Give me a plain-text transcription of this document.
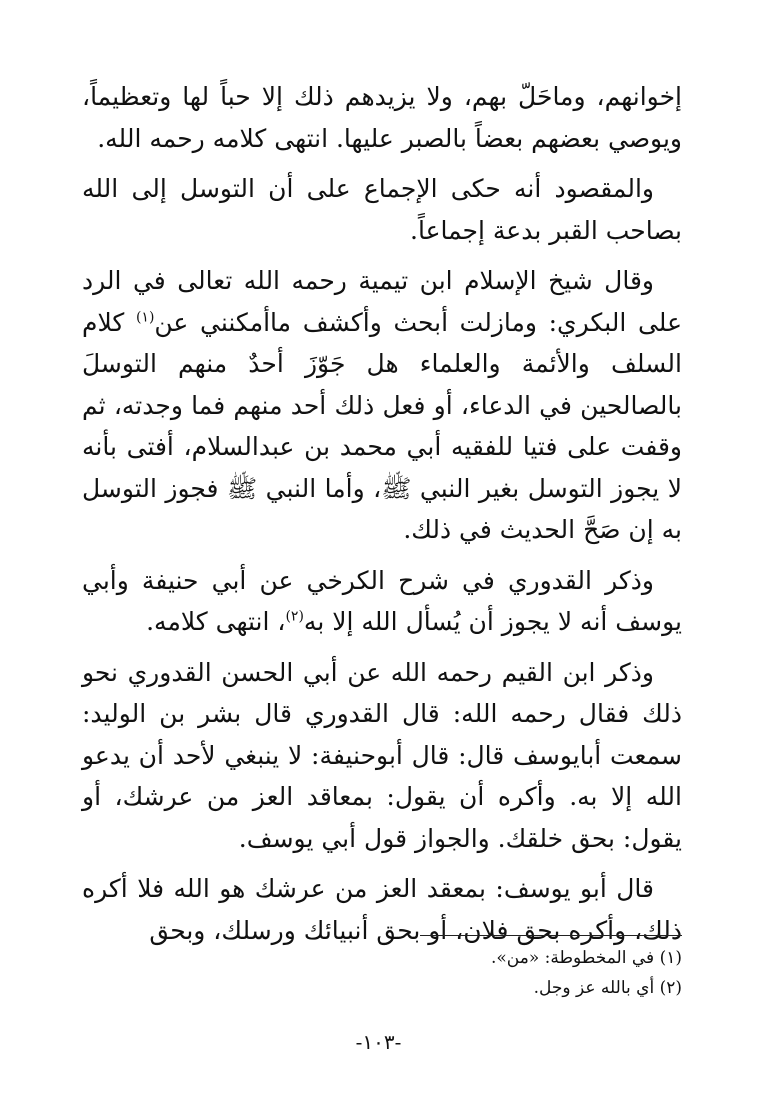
إخوانهم، وماحَلّ بهم، ولا يزيدهم ذلك إلا حباً لها وتعظيماً، ويوصي بعضهم بعضاً بالصبر عليها. انتهى كلامه رحمه الله.

والمقصود أنه حكى الإجماع على أن التوسل إلى الله بصاحب القبر بدعة إجماعاً.

وقال شيخ الإسلام ابن تيمية رحمه الله تعالى في الرد على البكري: ومازلت أبحث وأكشف ماأمكنني عن$^{(١)}$ كلام السلف والأئمة والعلماء هل جَوّزَ أحدٌ منهم التوسلَ بالصالحين في الدعاء، أو فعل ذلك أحد منهم فما وجدته، ثم وقفت على فتيا للفقيه أبي محمد بن عبدالسلام، أفتى بأنه لا يجوز التوسل بغير النبي ﷺ، وأما النبي ﷺ فجوز التوسل به إن صَحَّ الحديث في ذلك.

وذكر القدوري في شرح الكرخي عن أبي حنيفة وأبي يوسف أنه لا يجوز أن يُسأل الله إلا به$^{(٢)}$، انتهى كلامه.

وذكر ابن القيم رحمه الله عن أبي الحسن القدوري نحو ذلك فقال رحمه الله: قال القدوري قال بشر بن الوليد: سمعت أبايوسف قال: قال أبوحنيفة: لا ينبغي لأحد أن يدعو الله إلا به. وأكره أن يقول: بمعاقد العز من عرشك، أو يقول: بحق خلقك. والجواز قول أبي يوسف.

قال أبو يوسف: بمعقد العز من عرشك هو الله فلا أكره ذلك، وأكره بحق فلان، أو بحق أنبيائك ورسلك، وبحق

(١) في المخطوطة: «من».

(٢) أي بالله عز وجل.

-١٠٣-
